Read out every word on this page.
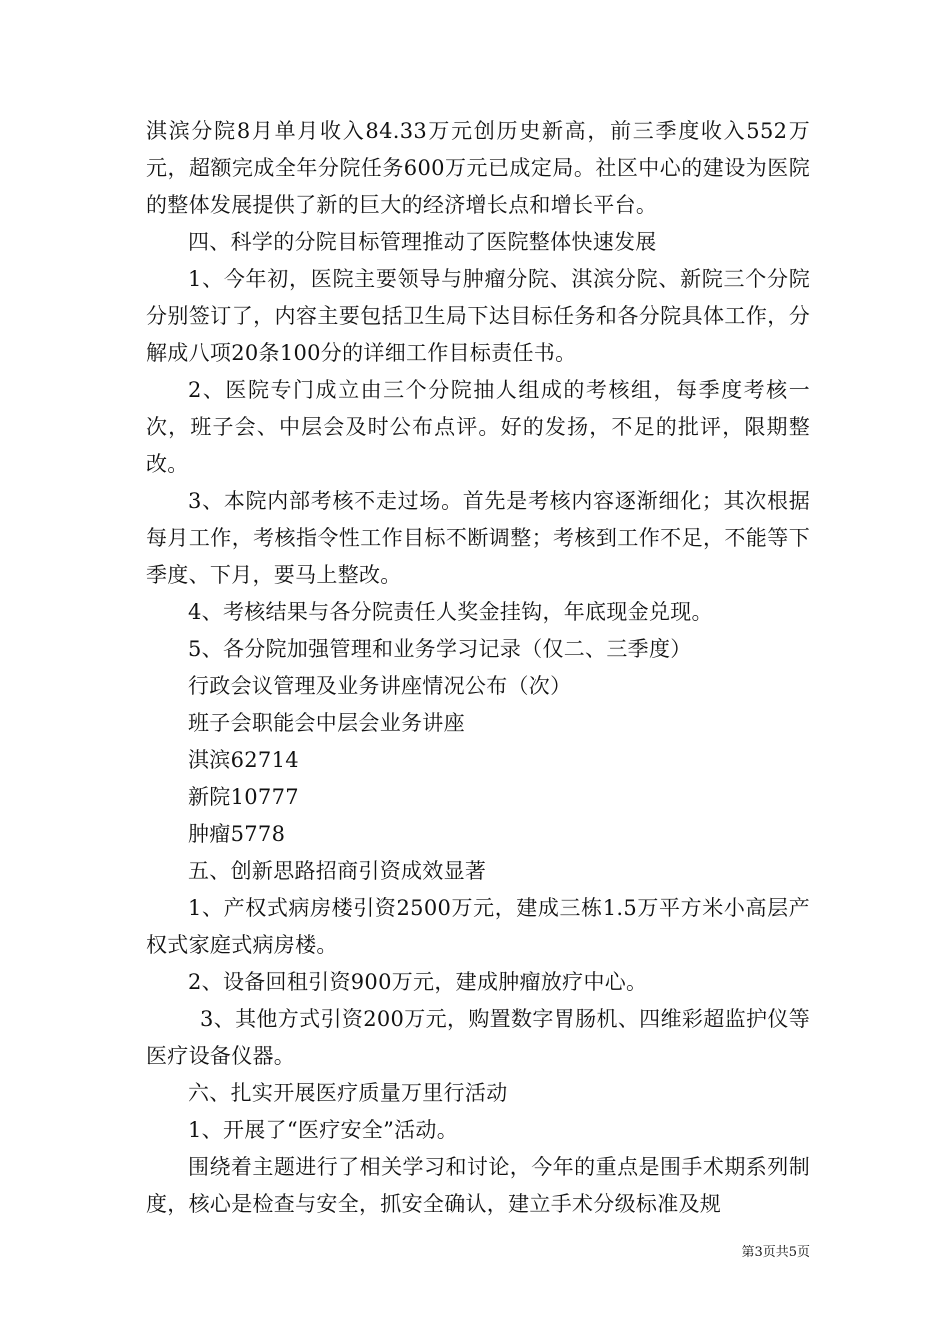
淇滨分院8月单月收入84.33万元创历史新高，前三季度收入552万元，超额完成全年分院任务600万元已成定局。社区中心的建设为医院的整体发展提供了新的巨大的经济增长点和增长平台。

四、科学的分院目标管理推动了医院整体快速发展

1、今年初，医院主要领导与肿瘤分院、淇滨分院、新院三个分院分别签订了，内容主要包括卫生局下达目标任务和各分院具体工作，分解成八项20条100分的详细工作目标责任书。

2、医院专门成立由三个分院抽人组成的考核组，每季度考核一次，班子会、中层会及时公布点评。好的发扬，不足的批评，限期整改。

3、本院内部考核不走过场。首先是考核内容逐渐细化；其次根据每月工作，考核指令性工作目标不断调整；考核到工作不足，不能等下季度、下月，要马上整改。

4、考核结果与各分院责任人奖金挂钩，年底现金兑现。

5、各分院加强管理和业务学习记录（仅二、三季度）

行政会议管理及业务讲座情况公布（次）

班子会职能会中层会业务讲座

淇滨62714

新院10777

肿瘤5778

五、创新思路招商引资成效显著

1、产权式病房楼引资2500万元，建成三栋1.5万平方米小高层产权式家庭式病房楼。

2、设备回租引资900万元，建成肿瘤放疗中心。

3、其他方式引资200万元，购置数字胃肠机、四维彩超监护仪等医疗设备仪器。

六、扎实开展医疗质量万里行活动

1、开展了“医疗安全”活动。

围绕着主题进行了相关学习和讨论，今年的重点是围手术期系列制度，核心是检查与安全，抓安全确认，建立手术分级标准及规

第3页共5页
